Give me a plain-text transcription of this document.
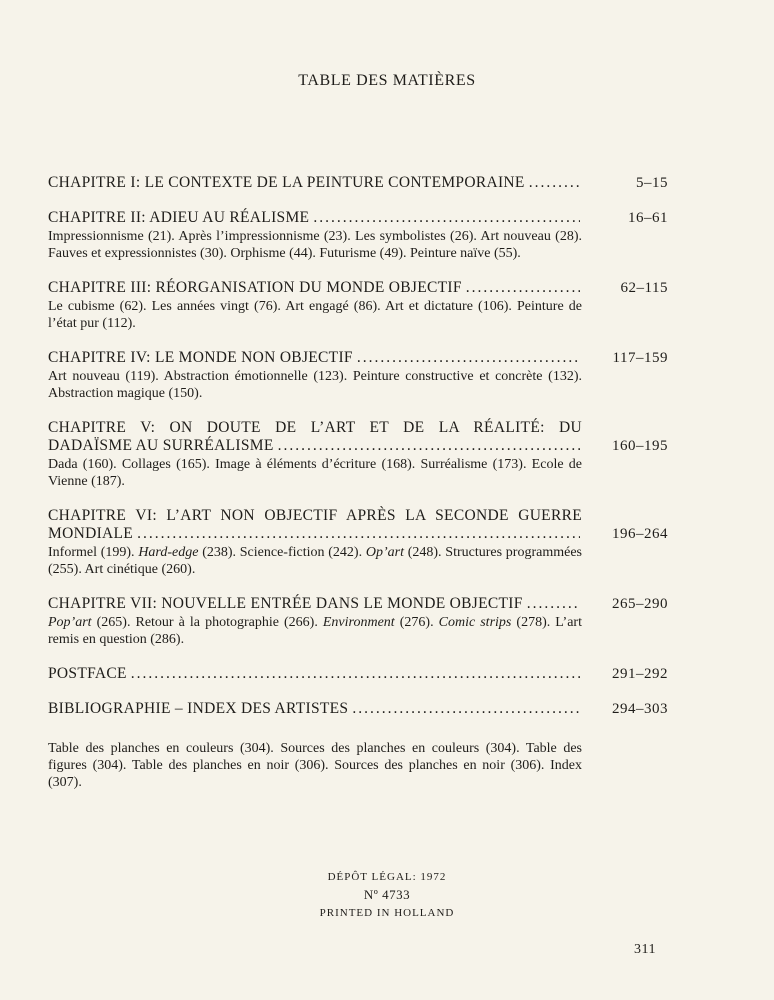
TABLE DES MATIÈRES
CHAPITRE I: LE CONTEXTE DE LA PEINTURE CONTEMPORAINE .....	5–15
CHAPITRE II: ADIEU AU RÉALISME .....	16–61
Impressionnisme (21). Après l’impressionnisme (23). Les symbolistes (26). Art nouveau (28). Fauves et expressionnistes (30). Orphisme (44). Futurisme (49). Peinture naïve (55).
CHAPITRE III: RÉORGANISATION DU MONDE OBJECTIF .....	62–115
Le cubisme (62). Les années vingt (76). Art engagé (86). Art et dictature (106). Peinture de l’état pur (112).
CHAPITRE IV: LE MONDE NON OBJECTIF .....	117–159
Art nouveau (119). Abstraction émotionnelle (123). Peinture constructive et concrète (132). Abstraction magique (150).
CHAPITRE V: ON DOUTE DE L’ART ET DE LA RÉALITÉ: DU
DADAÏSME AU SURRÉALISME .....	160–195
Dada (160). Collages (165). Image à éléments d’écriture (168). Surréalisme (173). Ecole de Vienne (187).
CHAPITRE VI: L’ART NON OBJECTIF APRÈS LA SECONDE GUERRE
MONDIALE .....	196–264
Informel (199). Hard-edge (238). Science-fiction (242). Op’art (248). Structures programmées (255). Art cinétique (260).
CHAPITRE VII: NOUVELLE ENTRÉE DANS LE MONDE OBJECTIF .....	265–290
Pop’art (265). Retour à la photographie (266). Environment (276). Comic strips (278). L’art remis en question (286).
POSTFACE .....	291–292
BIBLIOGRAPHIE – INDEX DES ARTISTES .....	294–303
Table des planches en couleurs (304). Sources des planches en couleurs (304). Table des figures (304). Table des planches en noir (306). Sources des planches en noir (306). Index (307).
DÉPÔT LÉGAL: 1972
Nº 4733
PRINTED IN HOLLAND
311
